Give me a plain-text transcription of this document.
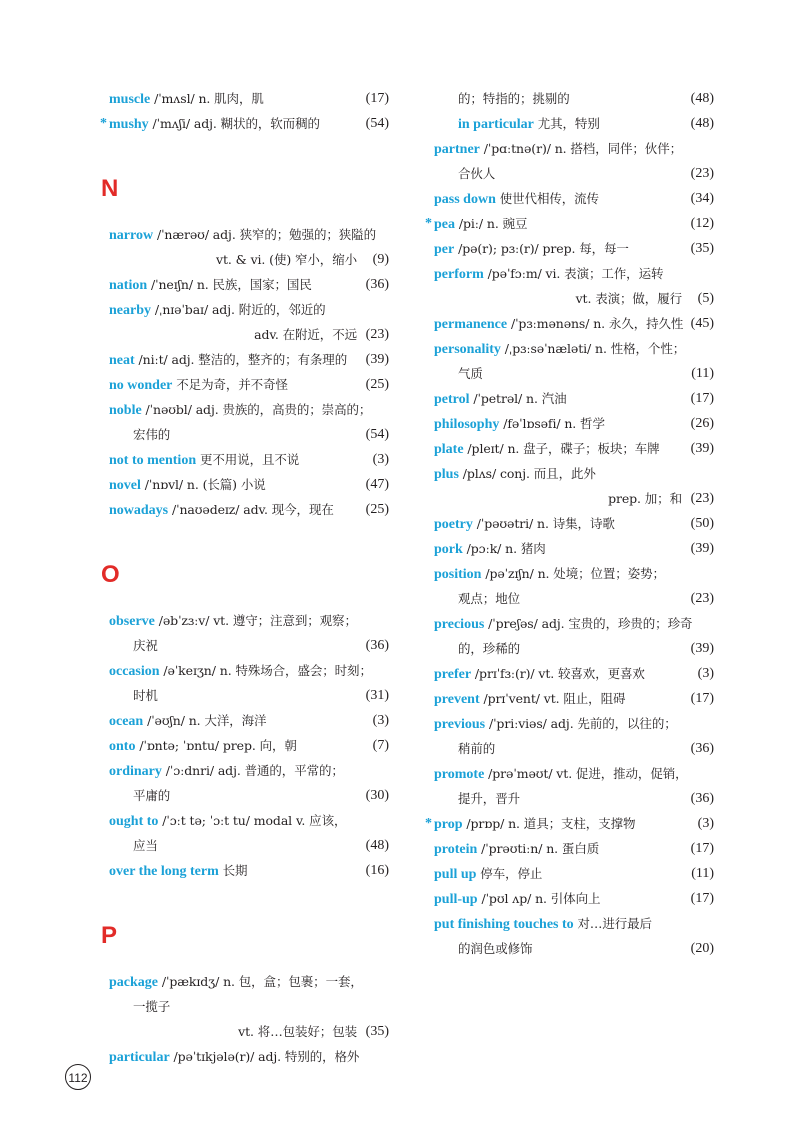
muscle /ˈmʌsl/ n. 肌肉，肌	(17)
* mushy /ˈmʌʃi/ adj. 糊状的，软而稠的	(54)
N
narrow /ˈnærəʊ/ adj. 狭窄的；勉强的；狭隘的
vt. & vi. (使) 窄小，缩小 (9)
nation /ˈneɪʃn/ n. 民族，国家；国民	(36)
nearby /ˌnɪəˈbaɪ/ adj. 附近的，邻近的
adv. 在附近，不远 (23)
neat /niːt/ adj. 整洁的，整齐的；有条理的 (39)
no wonder 不足为奇，并不奇怪	(25)
noble /ˈnəʊbl/ adj. 贵族的，高贵的；崇高的；
宏伟的	(54)
not to mention 更不用说，且不说	(3)
novel /ˈnɒvl/ n. (长篇) 小说	(47)
nowadays /ˈnaʊədeɪz/ adv. 现今，现在 (25)
O
observe /əbˈzɜːv/ vt. 遵守；注意到；观察；
庆祝	(36)
occasion /əˈkeɪʒn/ n. 特殊场合，盛会；时刻；
时机	(31)
ocean /ˈəʊʃn/ n. 大洋，海洋	(3)
onto /ˈɒntə; ˈɒntu/ prep. 向，朝	(7)
ordinary /ˈɔːdnri/ adj. 普通的，平常的；
平庸的	(30)
ought to /ˈɔːt tə; ˈɔːt tu/ modal v. 应该，
应当	(48)
over the long term 长期	(16)
P
package /ˈpækɪdʒ/ n. 包，盒；包裹；一套，
一揽子
vt. 将…包装好；包装 (35)
particular /pəˈtɪkjələ(r)/ adj. 特别的，格外
的；特指的；挑剔的	(48)
in particular 尤其，特别	(48)
partner /ˈpɑːtnə(r)/ n. 搭档，同伴；伙伴；
合伙人	(23)
pass down 使世代相传，流传	(34)
* pea /piː/ n. 豌豆	(12)
per /pə(r); pɜː(r)/ prep. 每，每一	(35)
perform /pəˈfɔːm/ vi. 表演；工作，运转
vt. 表演；做，履行 (5)
permanence /ˈpɜːmənəns/ n. 永久，持久性 (45)
personality /ˌpɜːsəˈnæləti/ n. 性格，个性；
气质	(11)
petrol /ˈpetrəl/ n. 汽油	(17)
philosophy /fəˈlɒsəfi/ n. 哲学	(26)
plate /pleɪt/ n. 盘子，碟子；板块；车牌 (39)
plus /plʌs/ conj. 而且，此外
prep. 加；和 (23)
poetry /ˈpəʊətri/ n. 诗集，诗歌	(50)
pork /pɔːk/ n. 猪肉	(39)
position /pəˈzɪʃn/ n. 处境；位置；姿势；
观点；地位	(23)
precious /ˈpreʃəs/ adj. 宝贵的，珍贵的；珍奇
的，珍稀的	(39)
prefer /prɪˈfɜː(r)/ vt. 较喜欢，更喜欢	(3)
prevent /prɪˈvent/ vt. 阻止，阻碍	(17)
previous /ˈpriːviəs/ adj. 先前的，以往的；
稍前的	(36)
promote /prəˈməʊt/ vt. 促进，推动，促销，
提升，晋升	(36)
* prop /prɒp/ n. 道具；支柱，支撑物	(3)
protein /ˈprəʊtiːn/ n. 蛋白质	(17)
pull up 停车，停止	(11)
pull-up /ˈpʊl ʌp/ n. 引体向上	(17)
put finishing touches to 对…进行最后
的润色或修饰	(20)
112
